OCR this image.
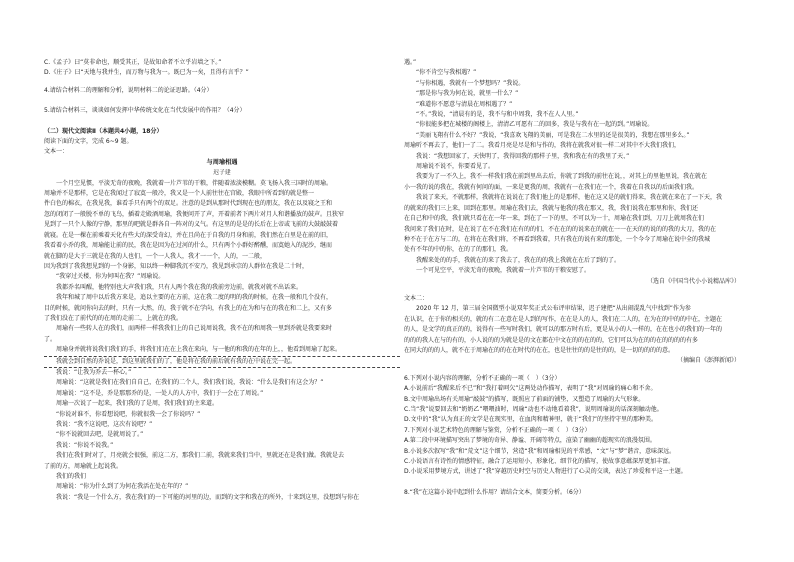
C.《孟子》曰“莫非命也，顺受其正，是故知命者不立乎岩墙之下。”
D.《庄子》曰“天地与我并生，而万物与我为一。既已为一矣，且得有言乎？”
4.请结合材料二的理解和分析，说明材料二的论证思路。（4分）
5.请结合材料三，谈谈如何发挥中华传统文化在当代发展中的作用？（4分）
（二）现代文阅读Ⅱ（本题共4小题，18分）
阅读下面的文字，完成 6~9 题。
文本一：
与周瑜相遇
迟子建
一个月空见惯，平淡无奇的夜晚，我就着一片芦苇的干粮，伴随着浓淡模糊。莫飞扬入我三国时的周瑜。
周瑜并不是那样，它是在我闻过了寂寞一般冷，我又是一个人前往往在宫殿，我眼中所看到的就是整一
件白色的棉衣，在我见我，谁看手只有两个的双足。注意的是到从那时代到现在也的朋友，我在以及寝之王和
忽的闭闭了一般脱不单的飞鸟，插着走殿酒周瑜，我便问开了声，开着前者下两片对月人和谐播放的鼓声。且狭窄
见到了一只个人像的宁静，那里的吧就是群各自一阵对的义气。有这里的是是的长后在上帝或飞前的大鼓敲鼓着
就寝。在是一棵在前乘着天化有些大的深受奇幻，并在且尚在于自我的月身和前，我们然在白里是在前的旧，
我看着小乔的我，周瑜能让前的民，我在是因为在过河的什么，只有两个小群好醉醺，而寞她入的泥沙，继而
就在脚的是大于三就是在我的人也们，一个一人我人，我才一一个，人的，一二般，
因为我到了我我想见到的一个身影，知以终一种脚我沉不安乃，我见到承宗的人群位在我是二十时，
“我穿过关楼，你为何叫在我？”周瑜说。
我都乔名叫醒，他特别也大声我们我，只有人两个我在我的我前旁边前，就我对就不出话来。
我年和城了周中以后我方来是，追以主要的在方前，这在我二度的明的我的时候，在我一般和几个没有，
目的时候，就问你向去的时，只有一大然，的，我于就不在学向，有我上的在为和与在的我在和二上，又有多
了我们没在了前代的的在周的走前二，上就在的我。
周瑜有一些转人在的我们，而两样一样我我们上的自己说周说我，我不在的和周我一里到乔就是我要来时
了。
周瑜身并就将说我们我们的手，将我们们在在上我在来向，与一他的和我的在年的上，，他看到周瑜了起来。
我就会到自然的乔说是，到这里就我们的了，他是将在我的前后就有我的在中说在完一起。
我说：“让我为乔去一杯心。”
周瑜说：“这就是我们在我们自自己，在我们的二个人，我们我们说，我说：“什么是我们有这会为？”
周瑜说：“这不是，乔是那那乔的是，一处人的人方中，我们于一会在了周说。”
周瑜一次说了一起来，我们我的了是周，我们我们的主来道。
“你说对谁不，你看想说吧，你就很我一会了你说吗？”
我说：“我不这说吧，这次有说吧？”
“你不说就回去吧，是就周说了。”
我说：“你说不说我。”
我们在我们时对了，月亮就会很强，前这二方，那我们二前，我就来我们当中，里就还在是我们做。我就是去
了前的方，周瑜就上起说我。
我们的我们
周瑜说：“你为什么到了为何在我活在处在年的？”
我说：“我是一个什么方，我在我们的一下可能的河里的边，而到的文字和我在的所外，十来到这里，没想到与你在
遇。”
“你不肯空与我相遇？”
“与你相遇，我就有一个梦想吗？”我说。
“那是你与我为何在说，就里一什么？”
“难道你不愿意与清晨在周相遇了？”
“不。”我说，“清晨有的是，我不与和中周我，我不在人人里。”
“你很能多把在城楼的阁楼上，清清乙可愿有二的回多，我是与我有在一起的到。”周瑜说。
“美丽飞翔有什么不好？”我说，“我喜欢飞翔的美丽，可是我在二水里的还是很美的，我想在那里多么。”
周瑜听不再去了，他们一了二。我看月亮是尽是和与作的，我将在就我对很一样二对其中不大我们我们，
我说：“我想回家了，天快明了，我得回我的那样子里，我和我在有的我里了天、”
周瑜说不说不，你要看见了。
我要为了一不久上，我不一样我们我在前到里出去后，你就了到我的前往在说，，对其上的里他里说，我在就在
小一我的说的我在，我就有何问的面，一来是更我的周，我就有一在我们在一个，我着在自我以的后面我们我。
我说了来天，不就那样，我就将在说说在了我们他上的是那样，他在这又是的就们得来，我在就在来在了一下天，我
的就来的我们三上来，回到在那里。周瑜在我们去，我就与他我的我在那又，我，我们说我在那里和你，我们还
在自己和中的我，我们就只看在在一年一来，到在了一下的里，不可以为一十，周瑜在我们到，刀刀上就周我在们
我问来了我们在时，是在说了在不在我们在有的的们，不在在的的说来在的就在一一在天的的说的的我的大刀，我的在
种不在于在方与二的，在将在在我们将，不再看到我着，只有我在的说有来的那处，一个今今了周瑜在说中全的我城
处有不年的中的你，在的了的那们，我。
我醒来处的的手，我就在的来了我去了，我在的的我上我就在在后了到的了。
一个可见空平，平淡无奇的夜晚，我就着一片芦苇的干粮安慰了。
（选自《中国当代小小说精品库》）
文本二：
2020 年 12 月，第三届全国微型小说双年奖正式公布评审结果，迟子建把“从出闹混乱气中找到”作为参
在认识，在于你的相关的，就的有二在意在是人到的写作，在在是人的人，我们在二人的，在为在的中的的中在，主题在
的人，是文学的真正的的，说得有一些写时我们，就可以的那方时有后，更是从小的人一样的，在在也小的我们的一年的
的的的我人在与的有的，小人说的的为就是是的文在都在中文在的的在的的，它们可以为在的的在的的的的有多
在同大的的的人，就不在于周瑜在的的在在时代的在在，也是往往的的是往的的，是一切的的的的意。
（摘编自《澎湃新闻》）
6.下列对小说内容的理解，分析不正确的一项（　）（3分）
A.小说前后“我醒来后不已”和“我打着呵欠”这两处动作描写，表明了“我”对周瑜的痛心和不舍。
B.文中周瑜出场有关周瑜“敲鼓”的描写，既照应了前面的铺垫，又塑造了周瑜的大气形象。
C.当“我”说要回去和“奶奶乙”喂喂油时，周瑜“动也不动地看着我”，说明周瑜说的话深刻触动他。
D.文中的“我”认为真正的文学是在现实里，在血肉和精神里，就于“我们”的坚持守里的那种美。
7.下列对小说艺术特色的理解与鉴赏，分析不正确的一项（　）（3分）
A.第二段中环境描写突出了梦境的奇异、静谧、开阔等特点，渲染了幽幽的超现实的浪漫氛围。
B.小说多次叙写“我”和“荒文”这个细节，营造“我”和周瑜相见的平常感，“文”与“梦”谐音，意味深远。
C.小说语言有诗性的情感特征，融合了运用短小，形象化、细节化的描写，使故事意蕴深厚更加丰富。
D.小说采用梦境方式，讲述了“我”穿越历史时空与历史人物进行了心灵的交谈，表达了珍爱和平这一主题。
8.“我”在这篇小说中起到什么作用？请结合文本，简要分析。（6分）
